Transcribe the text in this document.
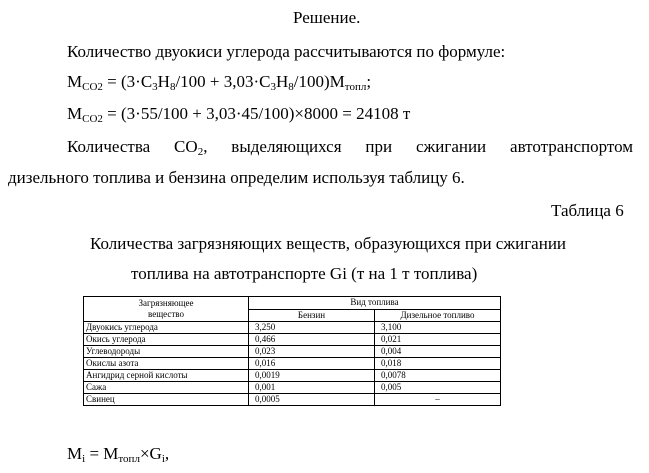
Решение.
Количество двуокиси углерода рассчитываются по формуле:
$M_{CO2} = (3\cdot C_3H_8/100 + 3,03\cdot C_3H_8/100)M_{топл}$;
$M_{CO2} = (3\cdot 55/100 + 3,03\cdot 45/100)\times 8000 = 24108$ т
Количества $CO_2$, выделяющихся при сжигании автотранспортом
дизельного топлива и бензина определим используя таблицу 6.
Таблица 6
Количества загрязняющих веществ, образующихся при сжигании
топлива на автотранспорте Gi (т на 1 т топлива)
Загрязняющее
вещество	Вид топлива	
	Бензин	Дизельное топливо
Двуокись углерода	3,250	3,100
Окись углерода	0,466	0,021
Углеводороды	0,023	0,004
Окислы азота	0,016	0,018
Ангидрид серной кислоты	0,0019	0,0078
Сажа	0,001	0,005
Свинец	0,0005	–
$M_i = M_{топл}\times G_i$,
